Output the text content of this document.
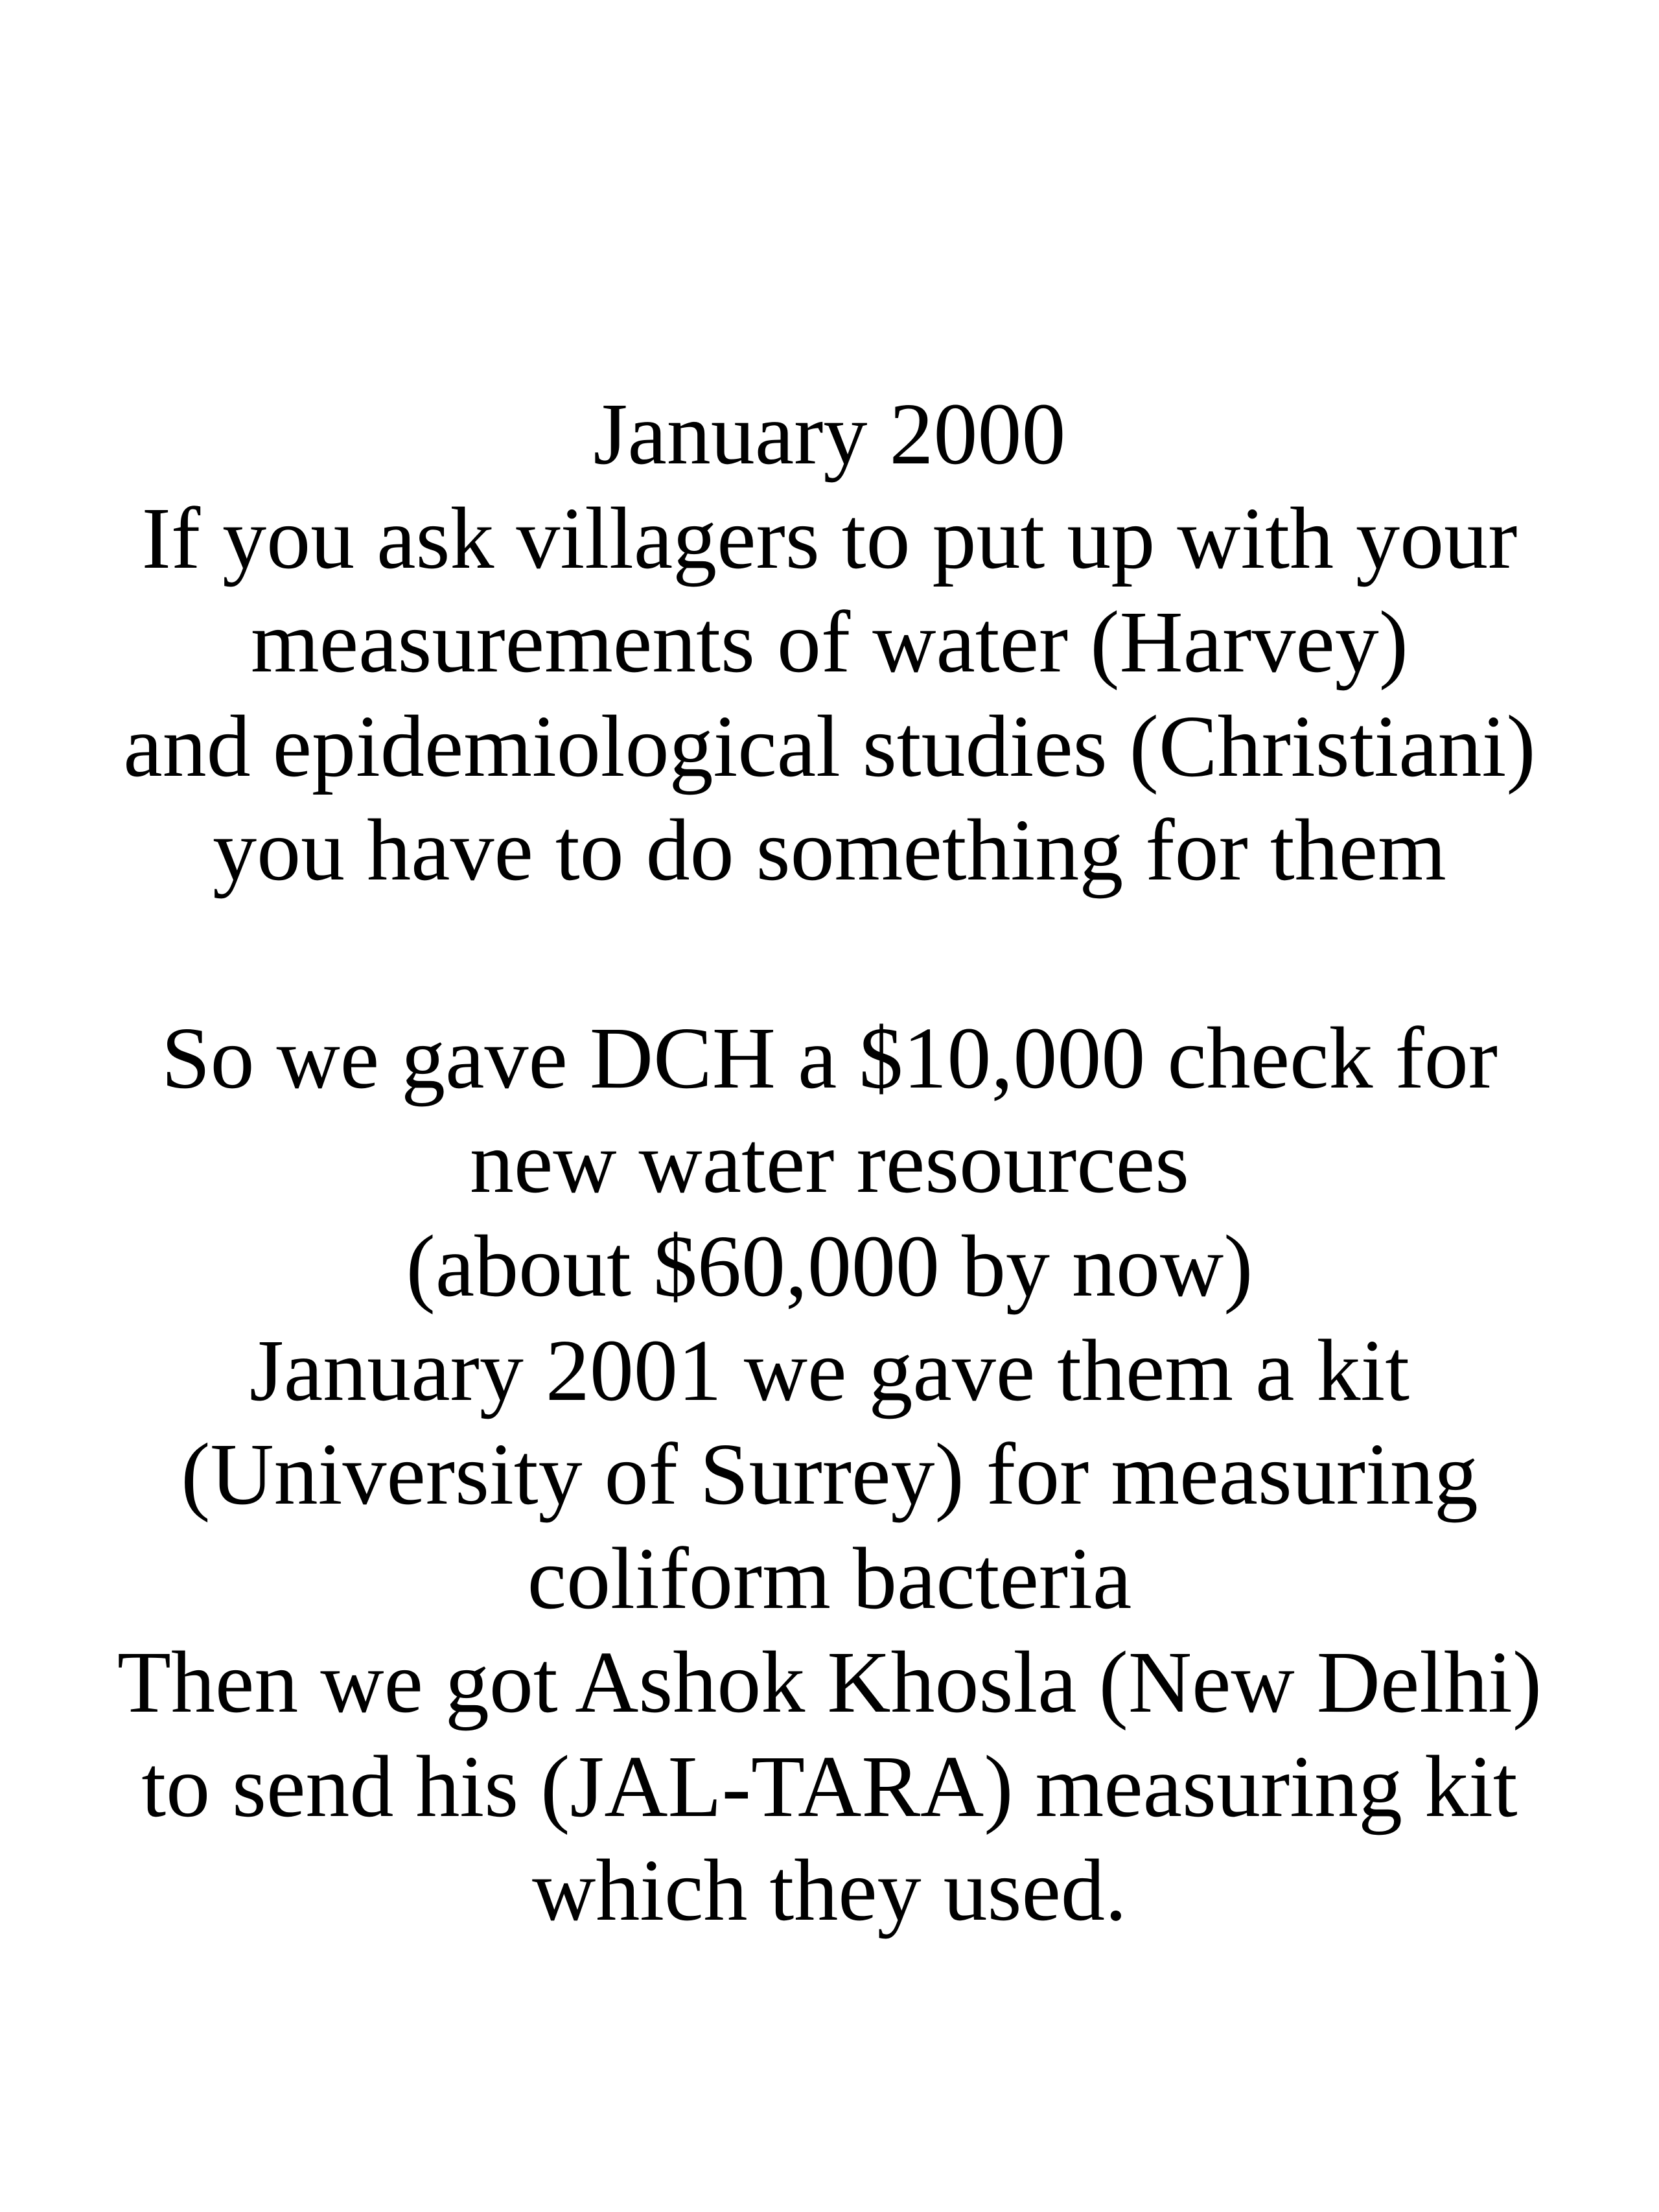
January 2000
If you ask villagers to put up with your
measurements of water (Harvey)
and epidemiological studies (Christiani)
you have to do something for them
So we gave DCH a $10,000 check for
new water resources
(about $60,000 by now)
January 2001 we gave them a kit
(University of Surrey) for measuring
coliform bacteria
Then we got Ashok Khosla (New Delhi)
to send his (JAL-TARA) measuring kit
which they used.
